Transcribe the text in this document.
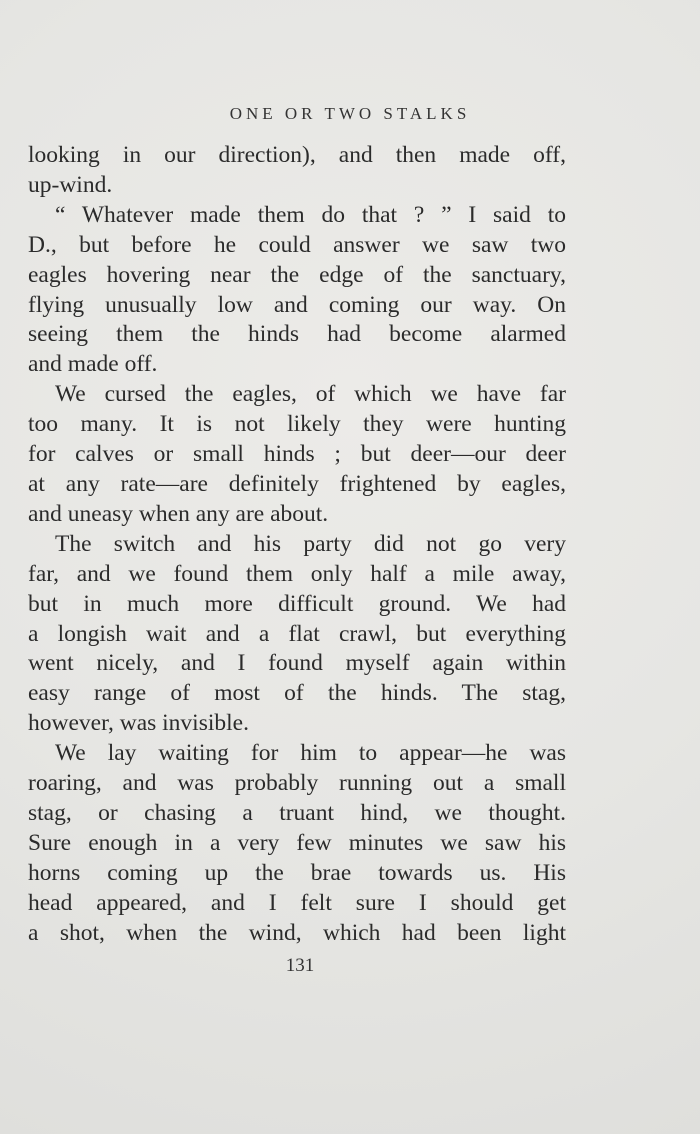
ONE OR TWO STALKS
looking in our direction), and then made off,
up-wind.
“ Whatever made them do that ? ” I said to
D., but before he could answer we saw two
eagles hovering near the edge of the sanctuary,
flying unusually low and coming our way. On
seeing them the hinds had become alarmed
and made off.
We cursed the eagles, of which we have far
too many. It is not likely they were hunting
for calves or small hinds ; but deer—our deer
at any rate—are definitely frightened by eagles,
and uneasy when any are about.
The switch and his party did not go very
far, and we found them only half a mile away,
but in much more difficult ground. We had
a longish wait and a flat crawl, but everything
went nicely, and I found myself again within
easy range of most of the hinds. The stag,
however, was invisible.
We lay waiting for him to appear—he was
roaring, and was probably running out a small
stag, or chasing a truant hind, we thought.
Sure enough in a very few minutes we saw his
horns coming up the brae towards us. His
head appeared, and I felt sure I should get
a shot, when the wind, which had been light
131
